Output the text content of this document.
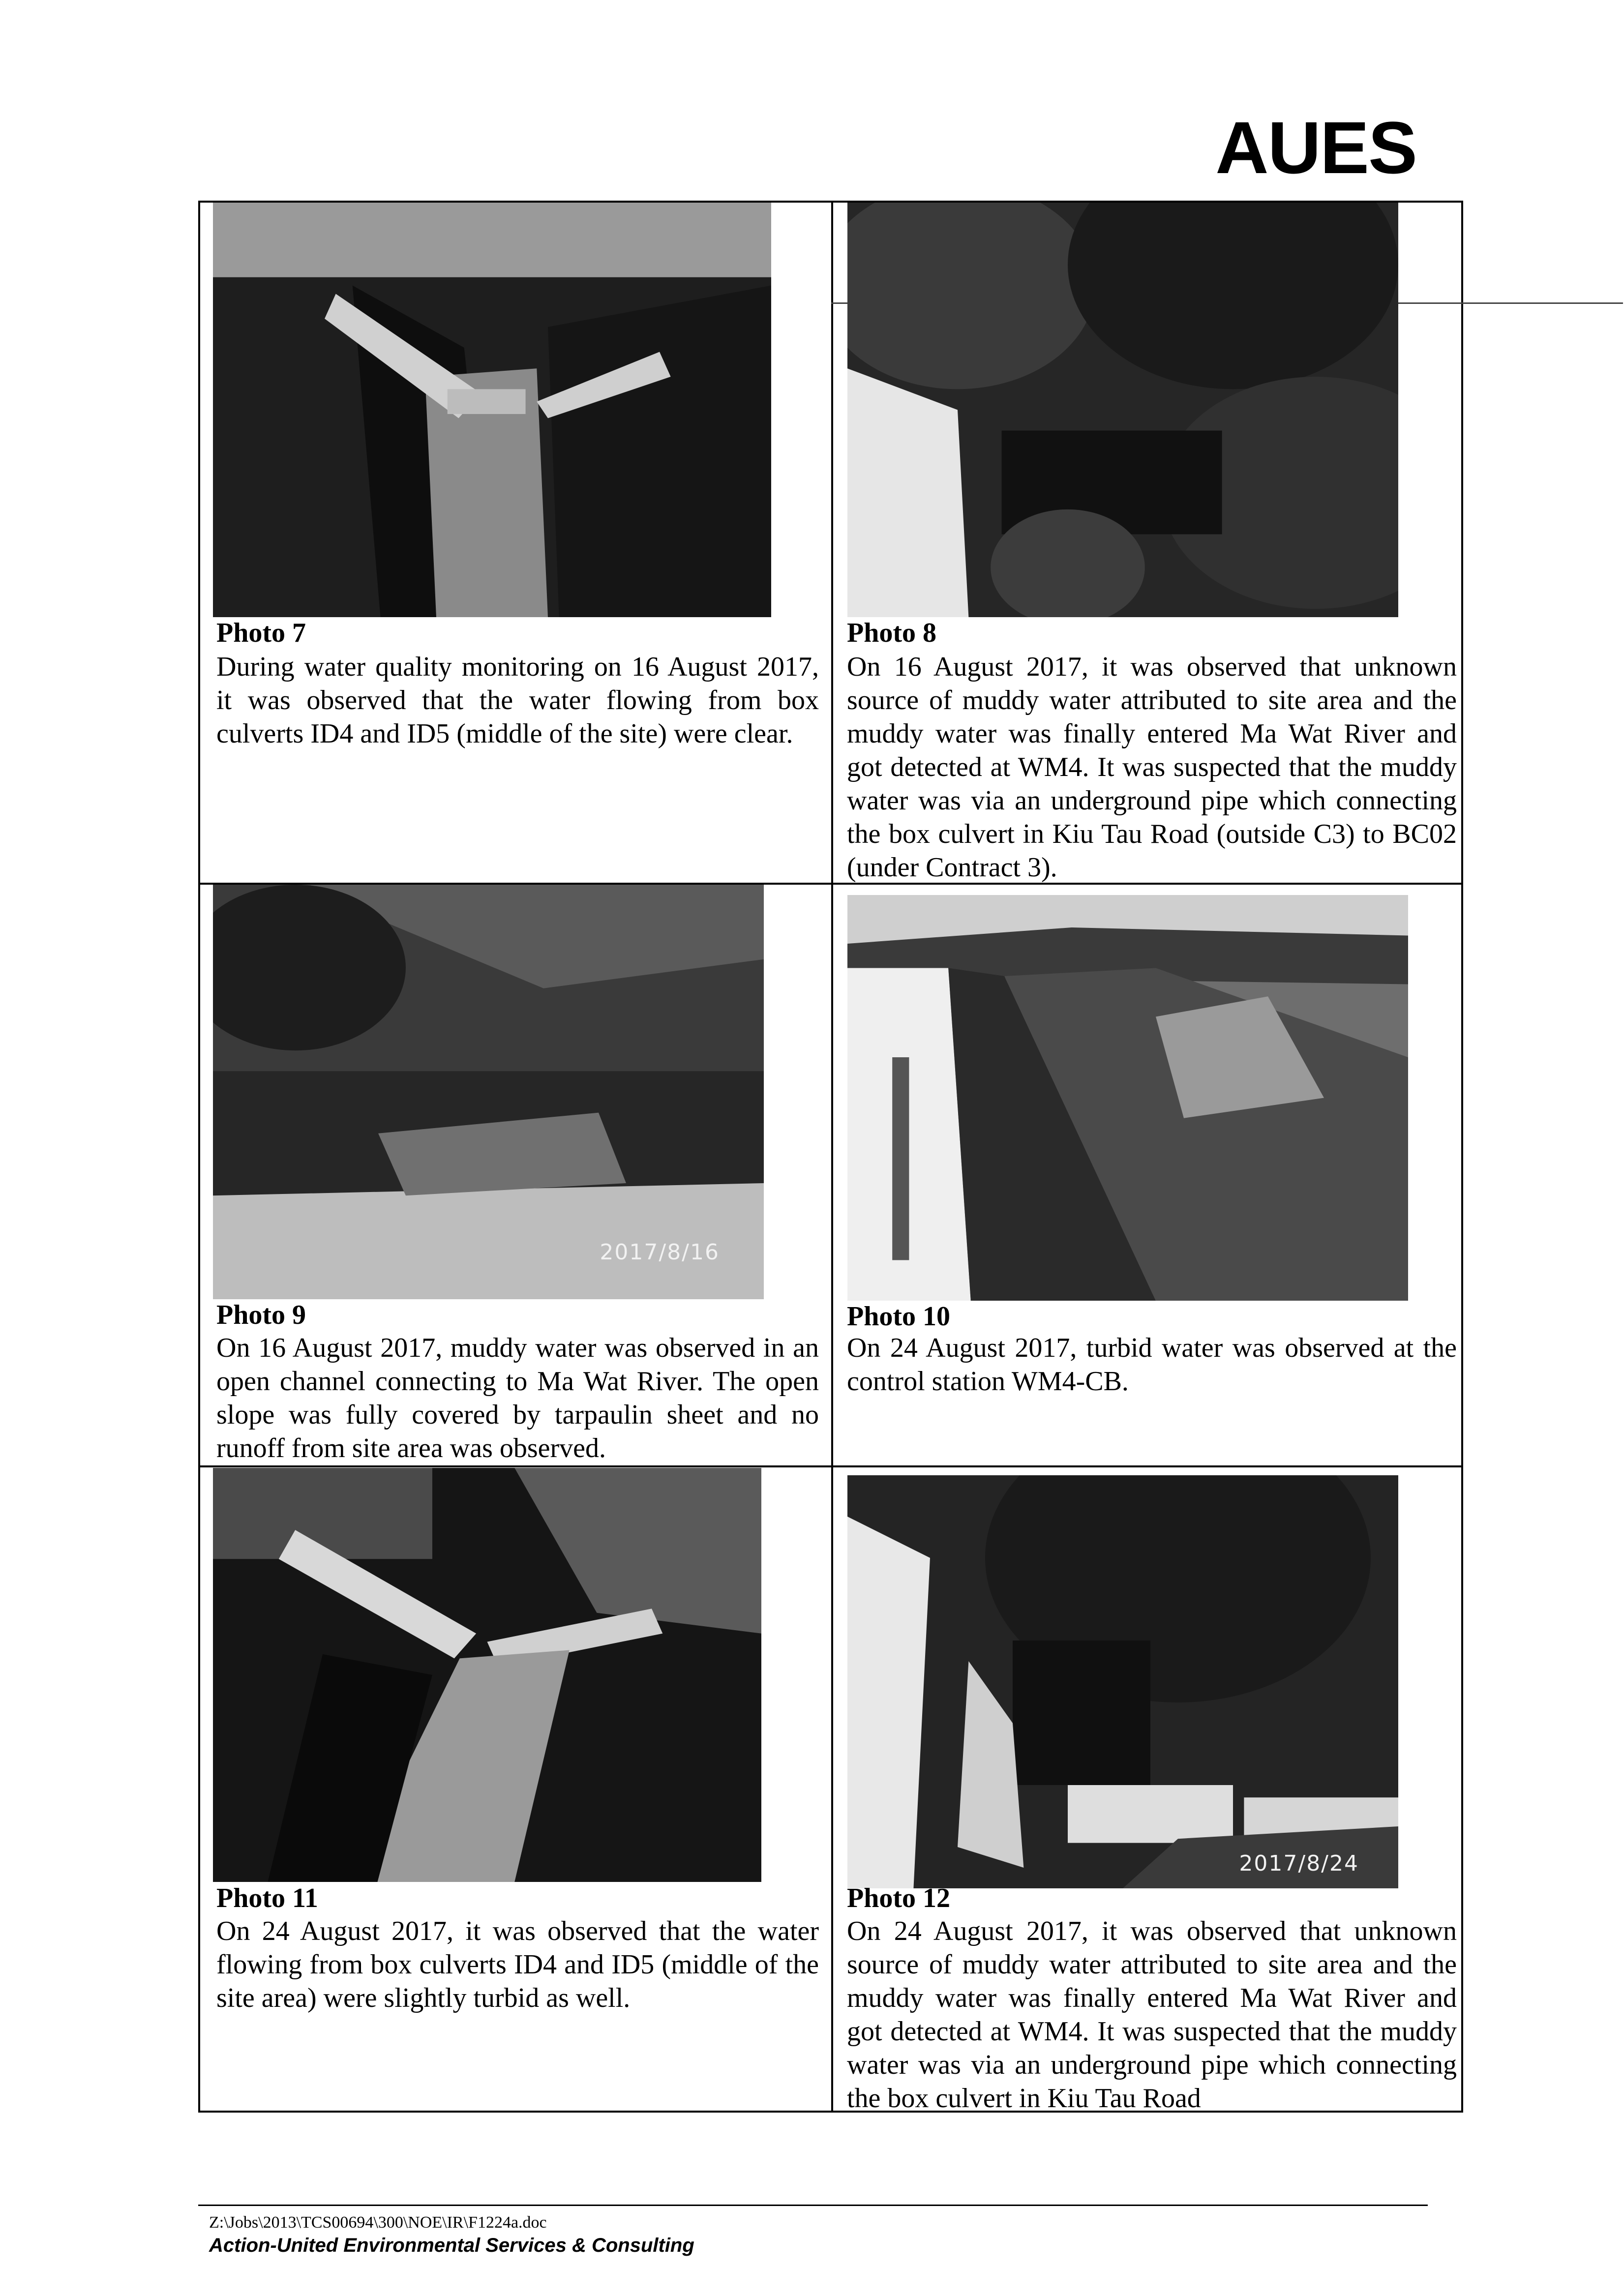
AUES
Photo 7
During water quality monitoring on 16 August 2017, it was observed that the water flowing from box culverts ID4 and ID5 (middle of the site) were clear.
Photo 8
On 16 August 2017, it was observed that unknown source of muddy water attributed to site area and the muddy water was finally entered Ma Wat River and got detected at WM4. It was suspected that the muddy water was via an underground pipe which connecting the box culvert in Kiu Tau Road (outside C3) to BC02 (under Contract 3).
2017/8/16
Photo 9
On 16 August 2017, muddy water was observed in an open channel connecting to Ma Wat River. The open slope was fully covered by tarpaulin sheet and no runoff from site area was observed.
Photo 10
On 24 August 2017, turbid water was observed at the control station WM4-CB.
Photo 11
On 24 August 2017, it was observed that the water flowing from box culverts ID4 and ID5 (middle of the site area) were slightly turbid as well.
2017/8/24
Photo 12
On 24 August 2017, it was observed that unknown source of muddy water attributed to site area and the muddy water was finally entered Ma Wat River and got detected at WM4. It was suspected that the muddy water was via an underground pipe which connecting the box culvert in Kiu Tau Road
Z:\Jobs\2013\TCS00694\300\NOE\IR\F1224a.doc
Action-United Environmental Services & Consulting
